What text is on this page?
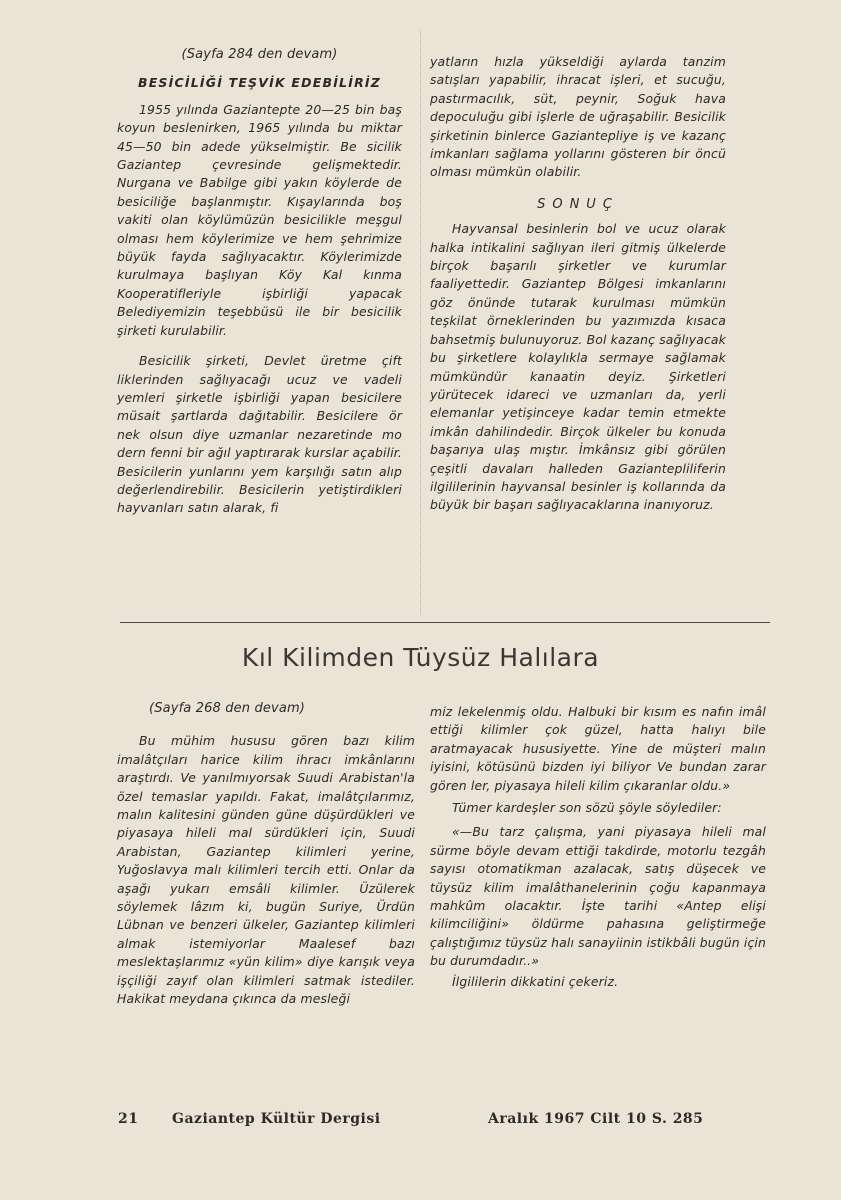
(Sayfa 284 den devam)
BESİCİLİĞİ TEŞVİK EDEBİLİRİZ

1955 yılında Gaziantepte 20—25 bin baş koyun beslenirken, 1965 yılında bu miktar 45—50 bin adede yükselmiştir. Be sicilik Gaziantep çevresinde gelişmektedir. Nurgana ve Babilge gibi yakın köylerde de besiciliğe başlanmıştır. Kışaylarında boş vakiti olan köylümüzün besicilikle meşgul olması hem köylerimize ve hem şehrimize büyük fayda sağlıyacaktır. Köylerimizde kurulmaya başlıyan Köy Kal kınma Kooperatifleriyle işbirliği yapacak Belediyemizin teşebbüsü ile bir besicilik şirketi kurulabilir.

Besicilik şirketi, Devlet üretme çift liklerinden sağlıyacağı ucuz ve vadeli yemleri şirketle işbirliği yapan besicilere müsait şartlarda dağıtabilir. Besicilere ör nek olsun diye uzmanlar nezaretinde mo dern fenni bir ağıl yaptırarak kurslar açabilir. Besicilerin yunlarını yem karşılığı satın alıp değerlendirebilir. Besicilerin yetiştirdikleri hayvanları satın alarak, fi

yatların hızla yükseldiği aylarda tanzim satışları yapabilir, ihracat işleri, et sucuğu, pastırmacılık, süt, peynir, Soğuk hava depoculuğu gibi işlerle de uğraşabilir. Besicilik şirketinin binlerce Gaziantepliye iş ve kazanç imkanları sağlama yollarını gösteren bir öncü olması mümkün olabilir.

SONUÇ

Hayvansal besinlerin bol ve ucuz olarak halka intikalini sağlıyan ileri gitmiş ülkelerde birçok başarılı şirketler ve kurumlar faaliyettedir. Gaziantep Bölgesi imkanlarını göz önünde tutarak kurulması mümkün teşkilat örneklerinden bu yazımızda kısaca bahsetmiş bulunuyoruz. Bol kazanç sağlıyacak bu şirketlere kolaylıkla sermaye sağlamak mümkündür kanaatin deyiz. Şirketleri yürütecek idareci ve uzmanları da, yerli elemanlar yetişinceye kadar temin etmekte imkân dahilindedir. Birçok ülkeler bu konuda başarıya ulaş mıştır. İmkânsız gibi görülen çeşitli davaları halleden Gaziantepliliferin ilgililerinin hayvansal besinler iş kollarında da büyük bir başarı sağlıyacaklarına inanıyoruz.

Kıl Kilimden Tüysüz Halılara
(Sayfa 268 den devam)

Bu mühim hususu gören bazı kilim imalâtçıları harice kilim ihracı imkânlarını araştırdı. Ve yanılmıyorsak Suudi Arabistan'la özel temaslar yapıldı. Fakat, imalâtçılarımız, malın kalitesini günden güne düşürdükleri ve piyasaya hileli mal sürdükleri için, Suudi Arabistan, Gaziantep kilimleri yerine, Yuğoslavya malı kilimleri tercih etti. Onlar da aşağı yukarı emsâli kilimler. Üzülerek söylemek lâzım ki, bugün Suriye, Ürdün Lübnan ve benzeri ülkeler, Gaziantep kilimleri almak istemiyorlar Maalesef bazı meslektaşlarımız «yün kilim» diye karışık veya işçiliği zayıf olan kilimleri satmak istediler. Hakikat meydana çıkınca da mesleği

miz lekelenmiş oldu. Halbuki bir kısım es nafın imâl ettiği kilimler çok güzel, hatta halıyı bile aratmayacak hususiyette. Yine de müşteri malın iyisini, kötüsünü bizden iyi biliyor Ve bundan zarar gören ler, piyasaya hileli kilim çıkaranlar oldu.»

Tümer kardeşler son sözü şöyle söylediler:

«—Bu tarz çalışma, yani piyasaya hileli mal sürme böyle devam ettiği takdirde, motorlu tezgâh sayısı otomatikman azalacak, satış düşecek ve tüysüz kilim imalâthanelerinin çoğu kapanmaya mahkûm olacaktır. İşte tarihi «Antep elişi kilimciliğini» öldürme pahasına geliştirmeğe çalıştığımız tüysüz halı sanayiinin istikbâli bugün için bu durumdadır..»

İlgililerin dikkatini çekeriz.

21 Gaziantep Kültür Dergisi	Aralık 1967 Cilt 10 S. 285
